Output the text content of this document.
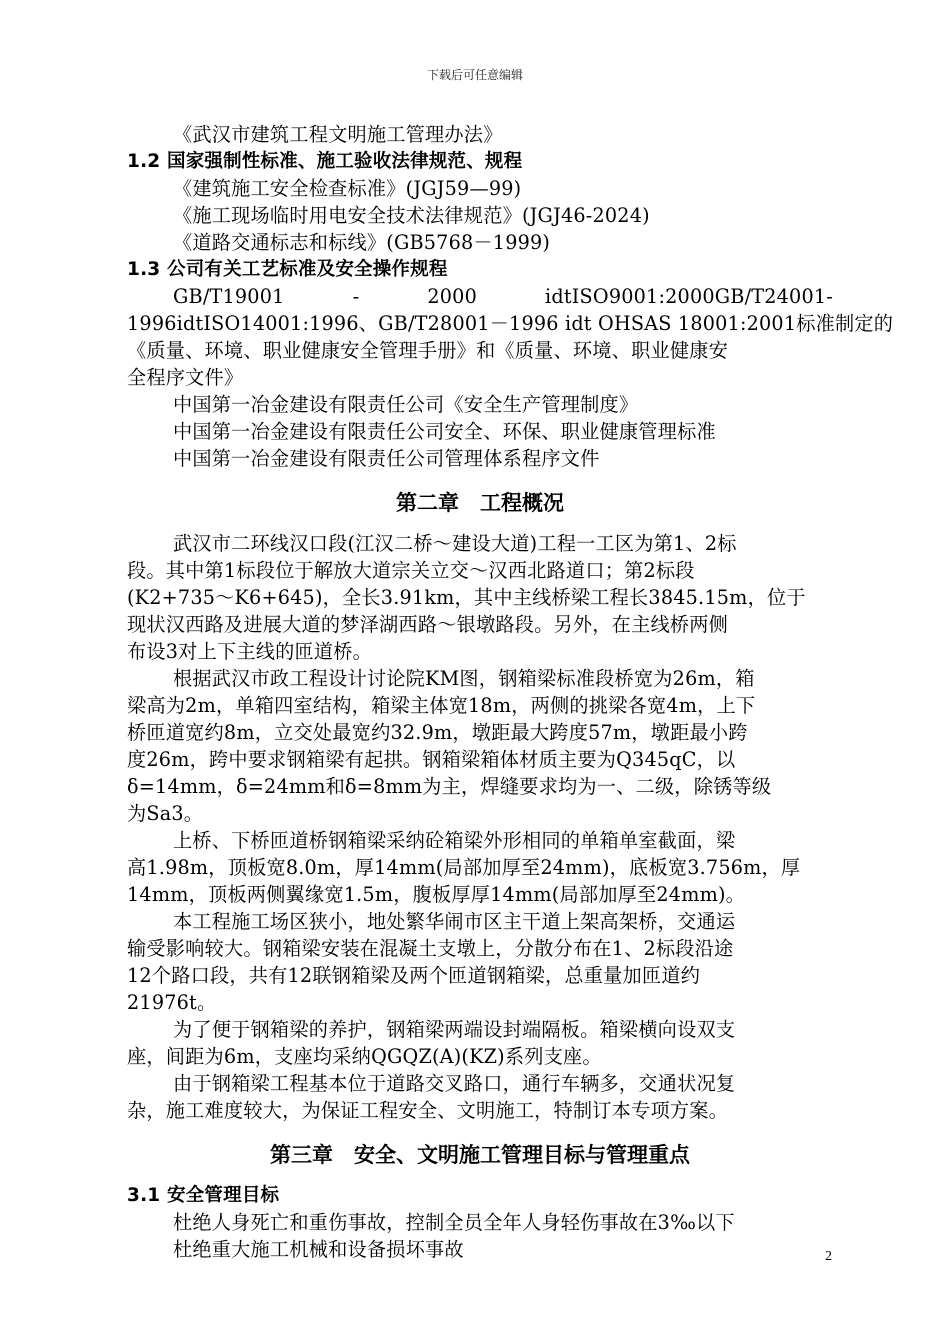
下载后可任意编辑
《武汉市建筑工程文明施工管理办法》
1.2 国家强制性标准、施工验收法律规范、规程
《建筑施工安全检查标准》(JGJ59—99)
《施工现场临时用电安全技术法律规范》(JGJ46-2024)
《道路交通标志和标线》(GB5768－1999)
1.3 公司有关工艺标准及安全操作规程
GB/T19001	-	2000	idtISO9001:2000GB/T24001-
1996idtISO14001:1996、GB/T28001－1996 idt OHSAS 18001:2001标准制定的
《质量、环境、职业健康安全管理手册》和《质量、环境、职业健康安
全程序文件》
中国第一冶金建设有限责任公司《安全生产管理制度》
中国第一冶金建设有限责任公司安全、环保、职业健康管理标准
中国第一冶金建设有限责任公司管理体系程序文件
第二章　工程概况
武汉市二环线汉口段(江汉二桥～建设大道)工程一工区为第1、2标
段。其中第1标段位于解放大道宗关立交～汉西北路道口；第2标段
(K2+735～K6+645)，全长3.91km，其中主线桥梁工程长3845.15m，位于
现状汉西路及进展大道的梦泽湖西路～银墩路段。另外，在主线桥两侧
布设3对上下主线的匝道桥。
根据武汉市政工程设计讨论院KM图，钢箱梁标准段桥宽为26m，箱
梁高为2m，单箱四室结构，箱梁主体宽18m，两侧的挑梁各宽4m，上下
桥匝道宽约8m，立交处最宽约32.9m，墩距最大跨度57m，墩距最小跨
度26m，跨中要求钢箱梁有起拱。钢箱梁箱体材质主要为Q345qC，以
δ=14mm，δ=24mm和δ=8mm为主，焊缝要求均为一、二级，除锈等级
为Sa3。
上桥、下桥匝道桥钢箱梁采纳砼箱梁外形相同的单箱单室截面，梁
高1.98m，顶板宽8.0m，厚14mm(局部加厚至24mm)，底板宽3.756m，厚
14mm，顶板两侧翼缘宽1.5m，腹板厚厚14mm(局部加厚至24mm)。
本工程施工场区狭小，地处繁华闹市区主干道上架高架桥，交通运
输受影响较大。钢箱梁安装在混凝土支墩上，分散分布在1、2标段沿途
12个路口段，共有12联钢箱梁及两个匝道钢箱梁，总重量加匝道约
21976t。
为了便于钢箱梁的养护，钢箱梁两端设封端隔板。箱梁横向设双支
座，间距为6m，支座均采纳QGQZ(A)(KZ)系列支座。
由于钢箱梁工程基本位于道路交叉路口，通行车辆多，交通状况复
杂，施工难度较大，为保证工程安全、文明施工，特制订本专项方案。
第三章　安全、文明施工管理目标与管理重点
3.1 安全管理目标
杜绝人身死亡和重伤事故，控制全员全年人身轻伤事故在3‰以下
杜绝重大施工机械和设备损坏事故	2
